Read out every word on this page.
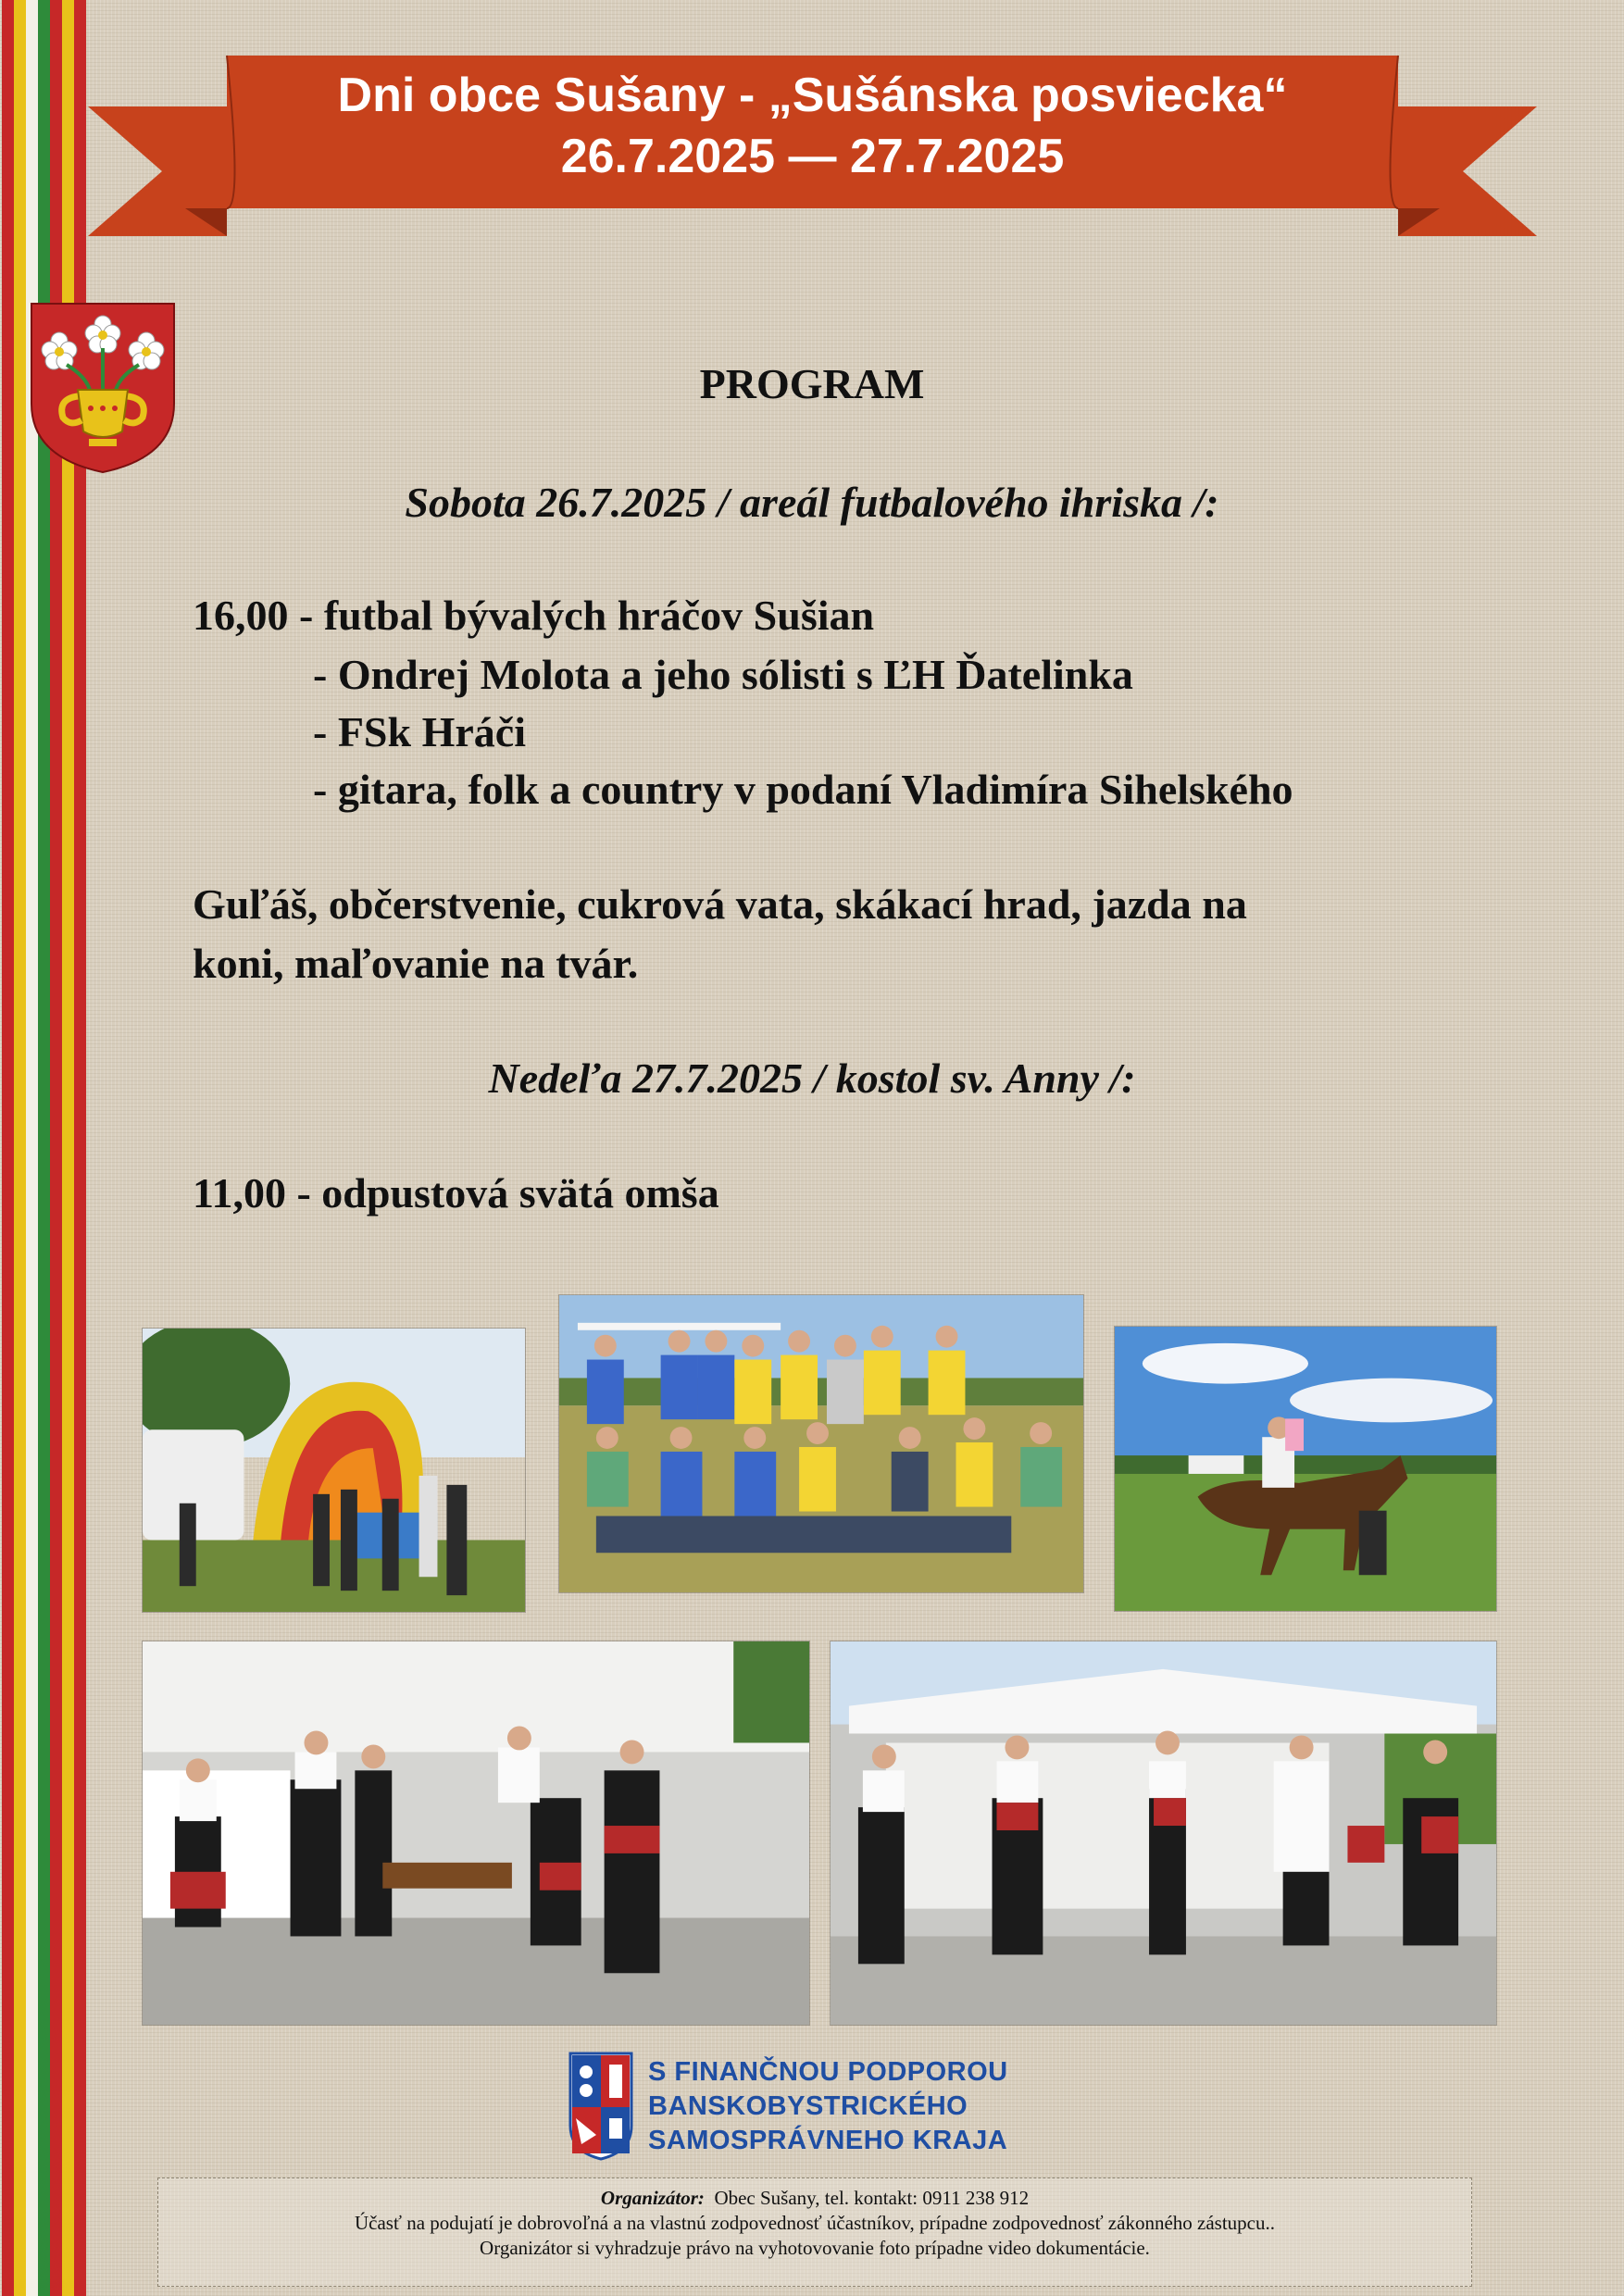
Dni obce Sušany - „Sušánska posviecka“
26.7.2025 — 27.7.2025
PROGRAM
Sobota 26.7.2025 / areál futbalového ihriska /:
16,00 - futbal bývalých hráčov Sušian
- Ondrej Molota a jeho sólisti s ĽH Ďatelinka
- FSk Hráči
- gitara, folk a country v podaní Vladimíra Sihelského
Guľáš, občerstvenie, cukrová vata, skákací hrad, jazda na
koni, maľovanie na tvár.
Nedeľa 27.7.2025 / kostol sv. Anny /:
11,00 - odpustová svätá omša
S FINANČNOU PODPOROU
BANSKOBYSTRICKÉHO
SAMOSPRÁVNEHO KRAJA
Organizátor: Obec Sušany, tel. kontakt: 0911 238 912
Účasť na podujatí je dobrovoľná a na vlastnú zodpovednosť účastníkov, prípadne zodpovednosť zákonného zástupcu..
Organizátor si vyhradzuje právo na vyhotovovanie foto prípadne video dokumentácie.
